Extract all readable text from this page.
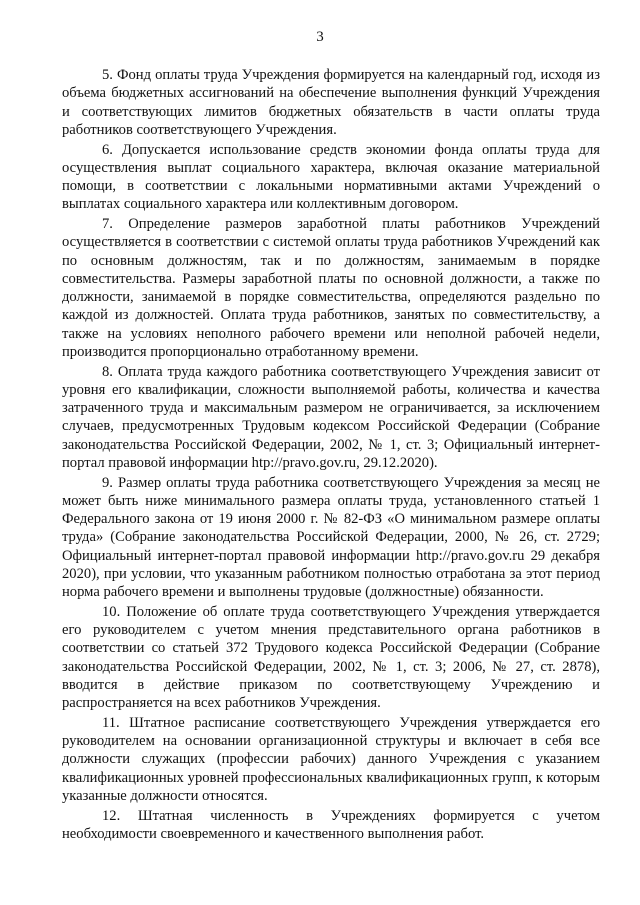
3

5. Фонд оплаты труда Учреждения формируется на календарный год, исходя из объема бюджетных ассигнований на обеспечение выполнения функций Учреждения и соответствующих лимитов бюджетных обязательств в части оплаты труда работников соответствующего Учреждения.

6. Допускается использование средств экономии фонда оплаты труда для осуществления выплат социального характера, включая оказание материальной помощи, в соответствии с локальными нормативными актами Учреждений о выплатах социального характера или коллективным договором.

7. Определение размеров заработной платы работников Учреждений осуществляется в соответствии с системой оплаты труда работников Учреждений как по основным должностям, так и по должностям, занимаемым в порядке совместительства. Размеры заработной платы по основной должности, а также по должности, занимаемой в порядке совместительства, определяются раздельно по каждой из должностей. Оплата труда работников, занятых по совместительству, а также на условиях неполного рабочего времени или неполной рабочей недели, производится пропорционально отработанному времени.

8. Оплата труда каждого работника соответствующего Учреждения зависит от уровня его квалификации, сложности выполняемой работы, количества и качества затраченного труда и максимальным размером не ограничивается, за исключением случаев, предусмотренных Трудовым кодексом Российской Федерации (Собрание законодательства Российской Федерации, 2002, № 1, ст. 3; Официальный интернет-портал правовой информации htp://pravo.gov.ru, 29.12.2020).

9. Размер оплаты труда работника соответствующего Учреждения за месяц не может быть ниже минимального размера оплаты труда, установленного статьей 1 Федерального закона от 19 июня 2000 г. № 82-ФЗ «О минимальном размере оплаты труда» (Собрание законодательства Российской Федерации, 2000, № 26, ст. 2729; Официальный интернет-портал правовой информации http://pravo.gov.ru 29 декабря 2020), при условии, что указанным работником полностью отработана за этот период норма рабочего времени и выполнены трудовые (должностные) обязанности.

10. Положение об оплате труда соответствующего Учреждения утверждается его руководителем с учетом мнения представительного органа работников в соответствии со статьей 372 Трудового кодекса Российской Федерации (Собрание законодательства Российской Федерации, 2002, № 1, ст. 3; 2006, № 27, ст. 2878), вводится в действие приказом по соответствующему Учреждению и распространяется на всех работников Учреждения.

11. Штатное расписание соответствующего Учреждения утверждается его руководителем на основании организационной структуры и включает в себя все должности служащих (профессии рабочих) данного Учреждения с указанием квалификационных уровней профессиональных квалификационных групп, к которым указанные должности относятся.

12. Штатная численность в Учреждениях формируется с учетом необходимости своевременного и качественного выполнения работ.
